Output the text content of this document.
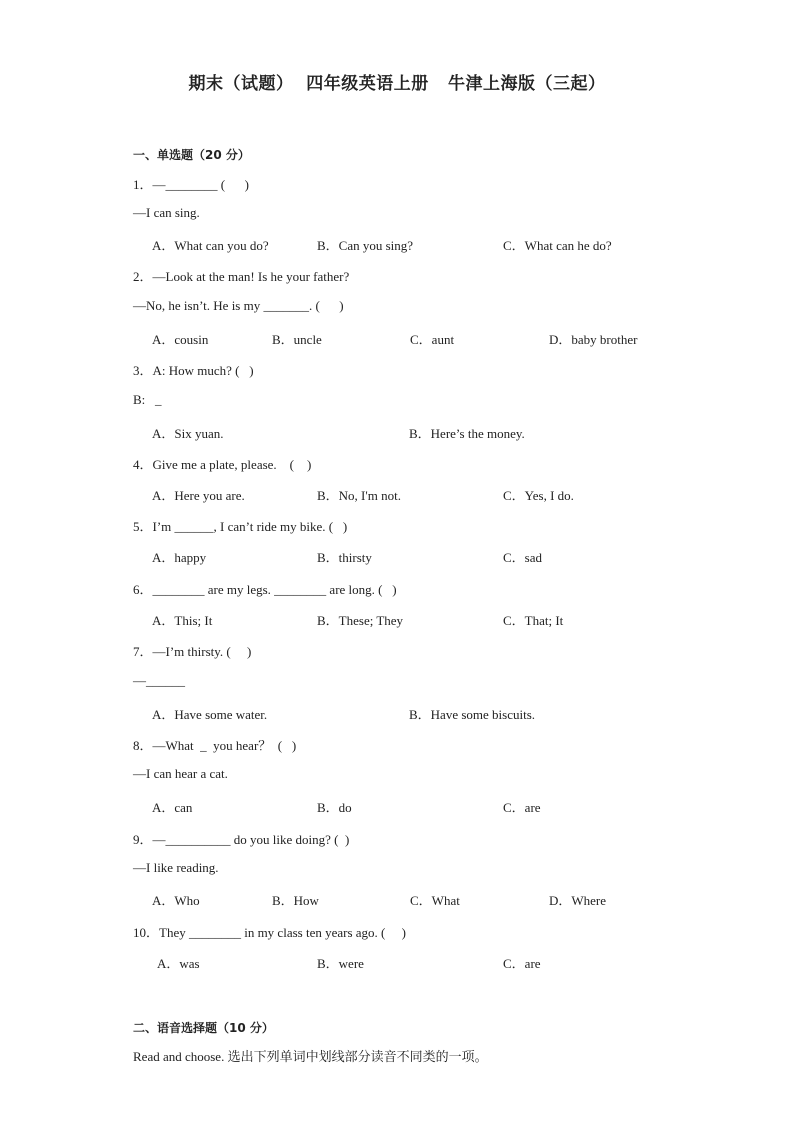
期末（试题）  四年级英语上册   牛津上海版（三起）
一、单选题（20 分）
1．—________ (      )
—I can sing.
A．What can you do?	B．Can you sing?	C．What can he do?
2．—Look at the man! Is he your father?
—No, he isn’t. He is my _______. (      )
A．cousin	B．uncle	C．aunt	D．baby brother
3．A: How much? (   )
B:   _
A．Six yuan.	B．Here’s the money.
4．Give me a plate, please.    (    )
A．Here you are.	B．No, I'm not.	C．Yes, I do.
5．I’m ______, I can’t ride my bike. (   )
A．happy	B．thirsty	C．sad
6．________ are my legs. ________ are long. (   )
A．This; It	B．These; They	C．That; It
7．—I’m thirsty. (     )
—______
A．Have some water.	B．Have some biscuits.
8．—What  _  you hear？  (   )
—I can hear a cat.
A．can	B．do	C．are
9．—__________ do you like doing? (  )
—I like reading.
A．Who	B．How	C．What	D．Where
10．They ________ in my class ten years ago. (     )
A．was	B．were	C．are
二、语音选择题（10 分）
Read and choose. 选出下列单词中划线部分读音不同类的一项。
